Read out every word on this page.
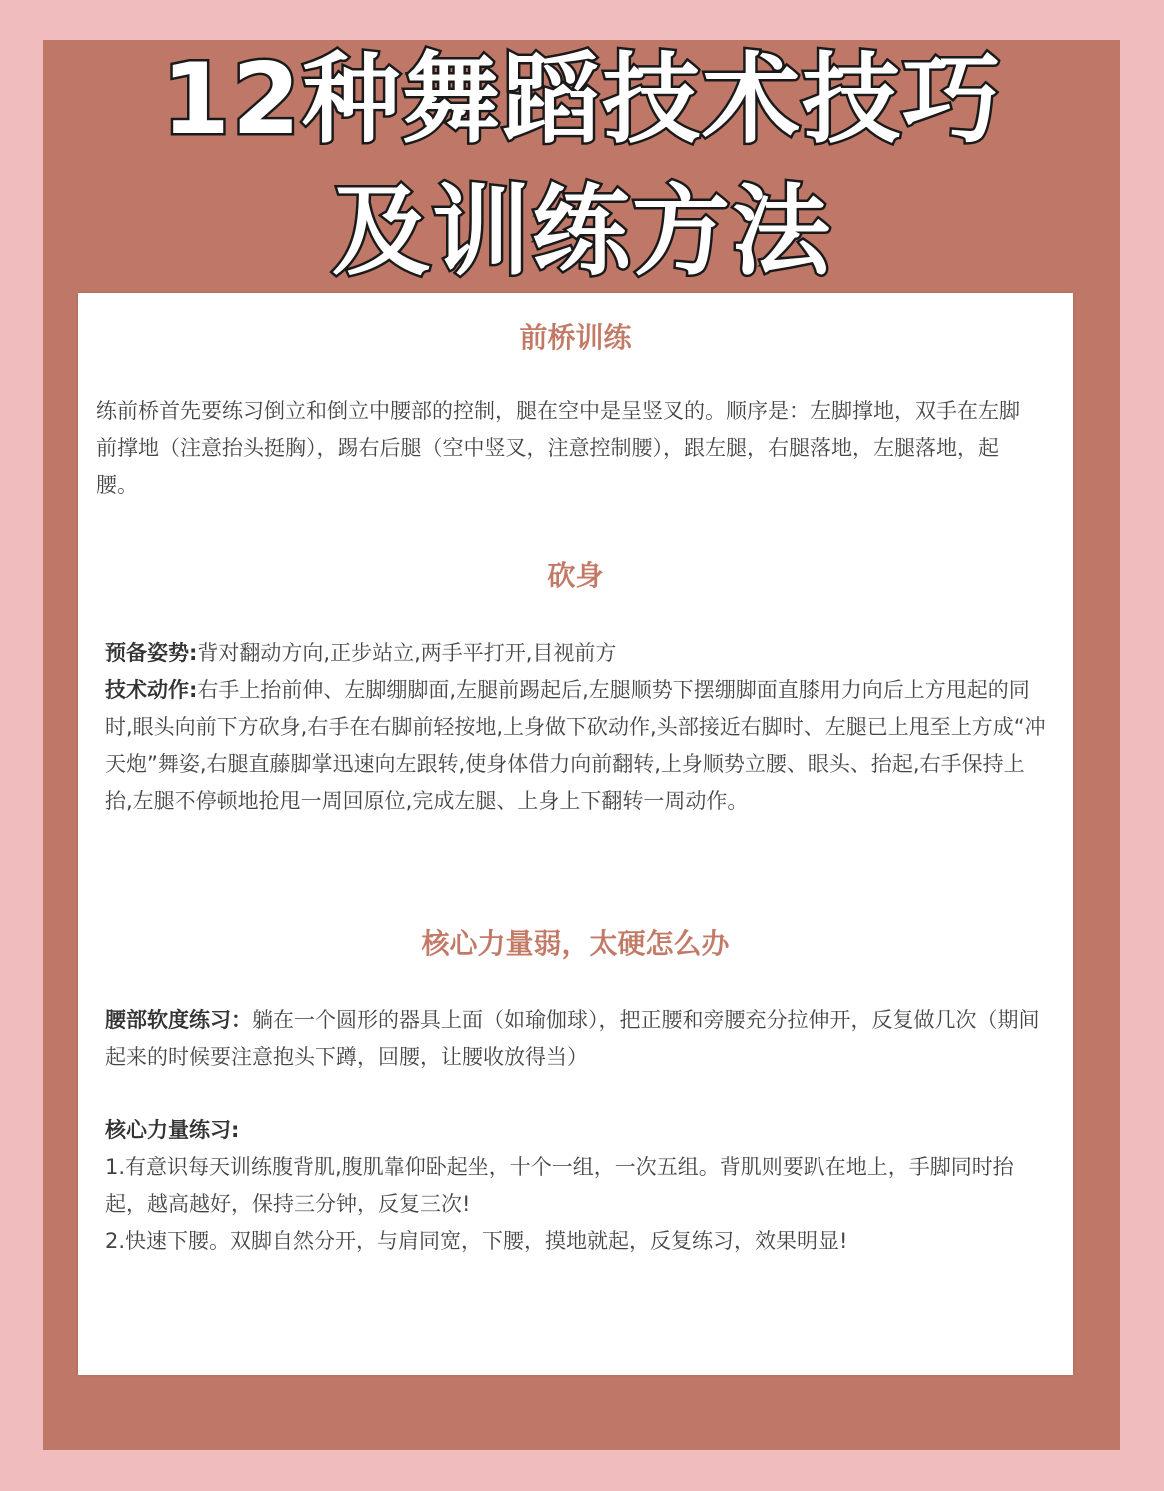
12种舞蹈技术技巧
及训练方法
前桥训练

练前桥首先要练习倒立和倒立中腰部的控制，腿在空中是呈竖叉的。顺序是：左脚撑地，双手在左脚前撑地（注意抬头挺胸），踢右后腿（空中竖叉，注意控制腰），跟左腿，右腿落地，左腿落地，起腰。

砍身

预备姿势:背对翻动方向,正步站立,两手平打开,目视前方
技术动作:右手上抬前伸、左脚绷脚面,左腿前踢起后,左腿顺势下摆绷脚面直膝用力向后上方甩起的同时,眼头向前下方砍身,右手在右脚前轻按地,上身做下砍动作,头部接近右脚时、左腿已上甩至上方成“冲天炮”舞姿,右腿直藤脚掌迅速向左跟转,使身体借力向前翻转,上身顺势立腰、眼头、抬起,右手保持上抬,左腿不停顿地抢甩一周回原位,完成左腿、上身上下翻转一周动作。

核心力量弱，太硬怎么办

腰部软度练习：躺在一个圆形的器具上面（如瑜伽球），把正腰和旁腰充分拉伸开，反复做几次（期间起来的时候要注意抱头下蹲，回腰，让腰收放得当）

核心力量练习:
1.有意识每天训练腹背肌,腹肌靠仰卧起坐，十个一组，一次五组。背肌则要趴在地上，手脚同时抬起，越高越好，保持三分钟，反复三次!
2.快速下腰。双脚自然分开，与肩同宽，下腰，摸地就起，反复练习，效果明显!
